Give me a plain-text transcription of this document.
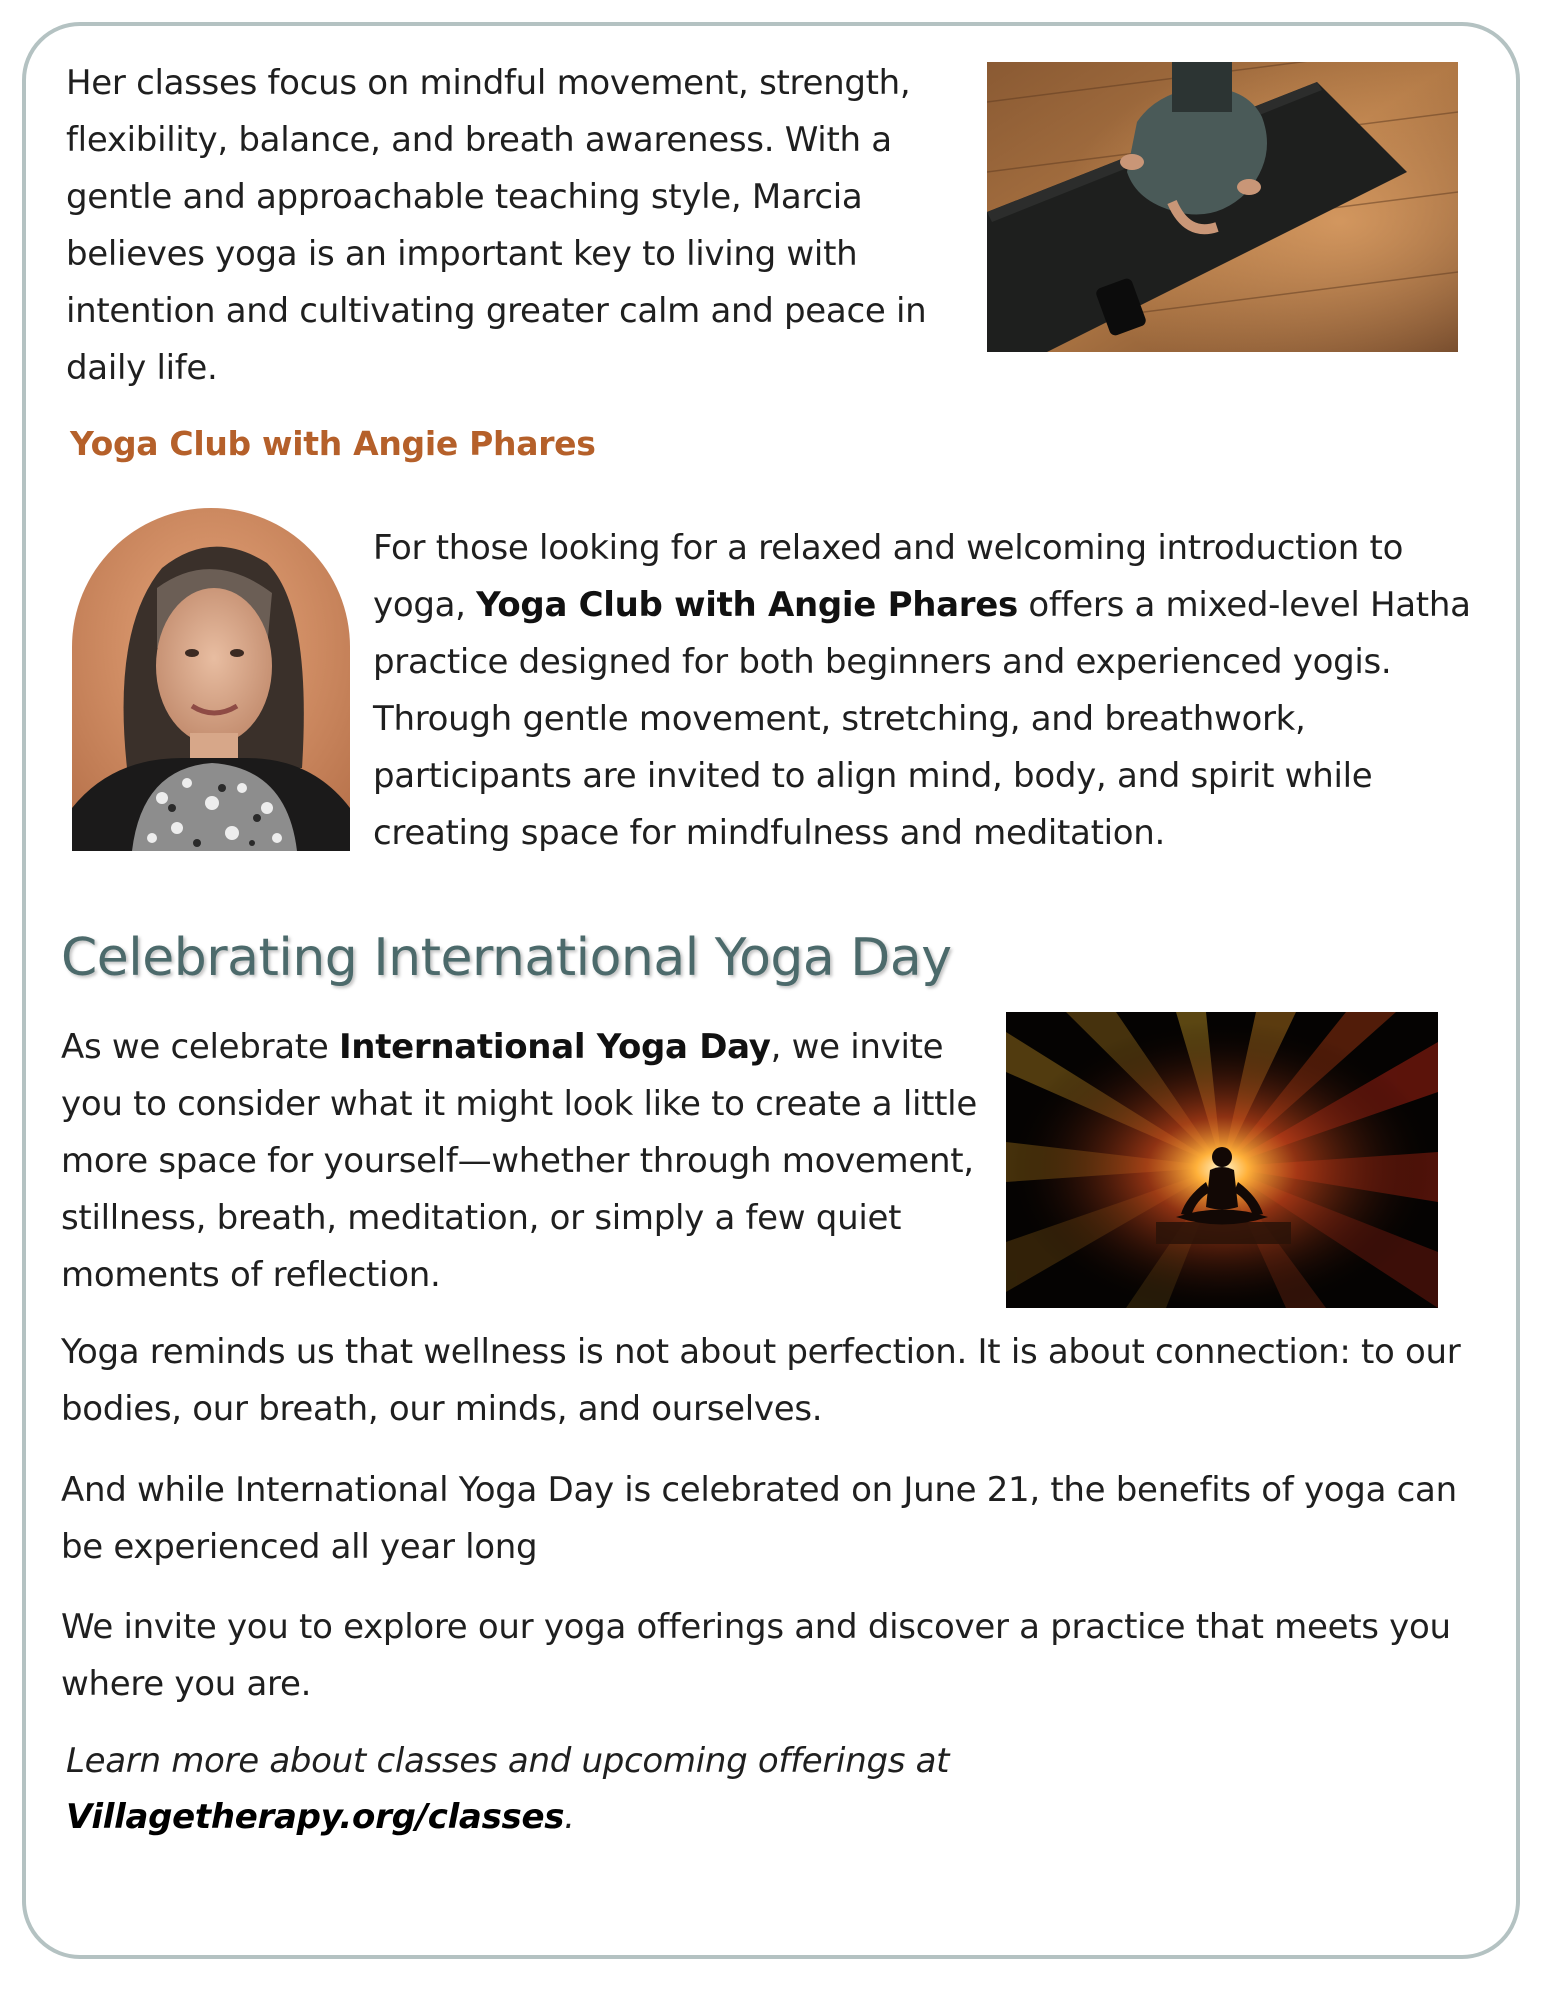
Her classes focus on mindful movement, strength, flexibility, balance, and breath awareness. With a gentle and approachable teaching style, Marcia believes yoga is an important key to living with intention and cultivating greater calm and peace in daily life.

Yoga Club with Angie Phares

For those looking for a relaxed and welcoming introduction to yoga, Yoga Club with Angie Phares offers a mixed-level Hatha practice designed for both beginners and experienced yogis. Through gentle movement, stretching, and breathwork, participants are invited to align mind, body, and spirit while creating space for mindfulness and meditation.

Celebrating International Yoga Day

As we celebrate International Yoga Day, we invite you to consider what it might look like to create a little more space for yourself—whether through movement, stillness, breath, meditation, or simply a few quiet moments of reflection.

Yoga reminds us that wellness is not about perfection. It is about connection: to our bodies, our breath, our minds, and ourselves.

And while International Yoga Day is celebrated on June 21, the benefits of yoga can be experienced all year long

We invite you to explore our yoga offerings and discover a practice that meets you where you are.

Learn more about classes and upcoming offerings at
Villagetherapy.org/classes.
